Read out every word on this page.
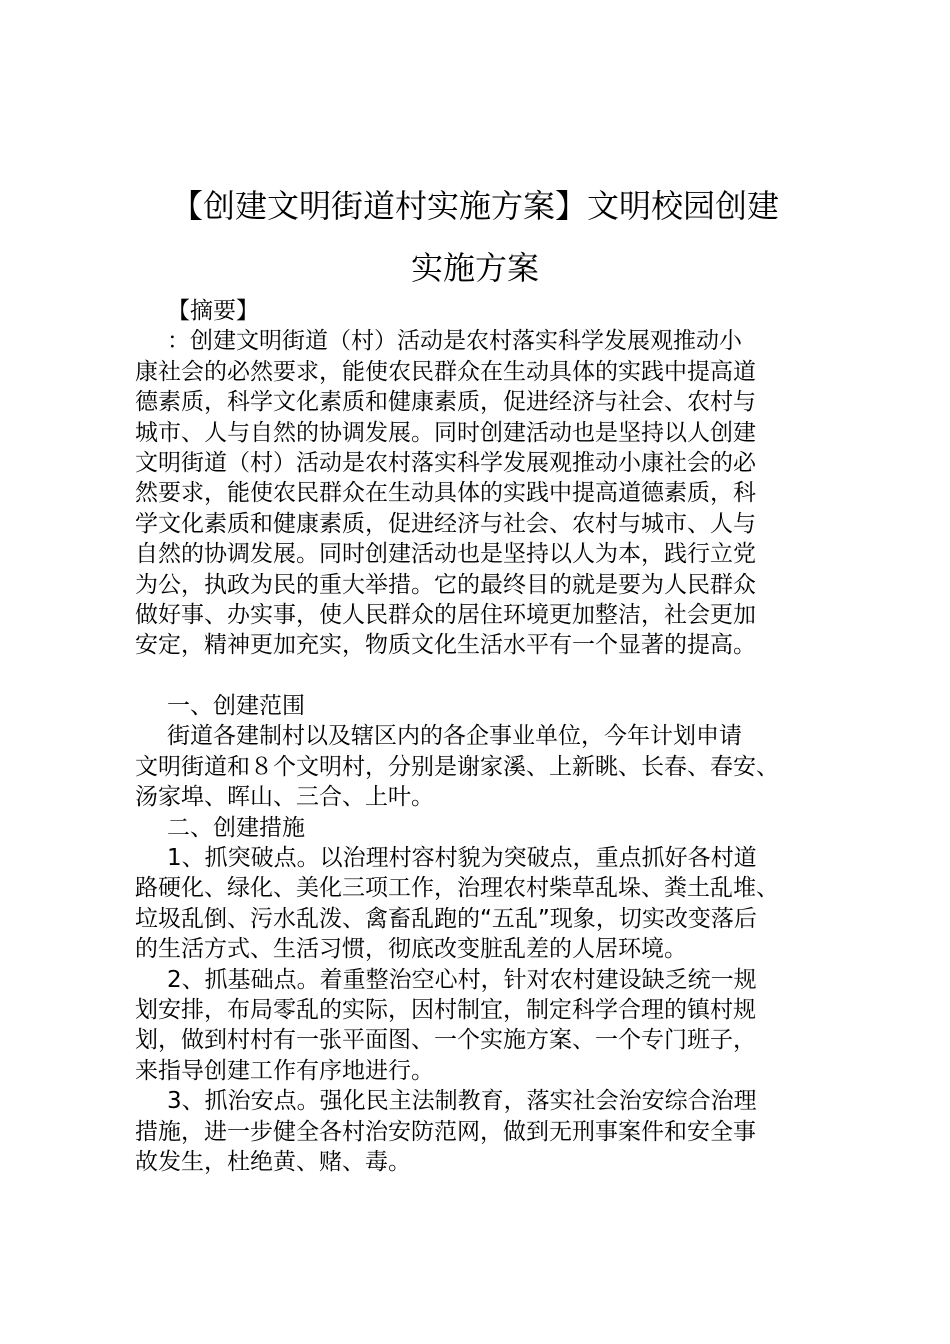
【创建文明街道村实施方案】文明校园创建
实施方案
【摘要】
：创建文明街道（村）活动是农村落实科学发展观推动小
康社会的必然要求，能使农民群众在生动具体的实践中提高道
德素质，科学文化素质和健康素质，促进经济与社会、农村与
城市、人与自然的协调发展。同时创建活动也是坚持以人创建
文明街道（村）活动是农村落实科学发展观推动小康社会的必
然要求，能使农民群众在生动具体的实践中提高道德素质，科
学文化素质和健康素质，促进经济与社会、农村与城市、人与
自然的协调发展。同时创建活动也是坚持以人为本，践行立党
为公，执政为民的重大举措。它的最终目的就是要为人民群众
做好事、办实事，使人民群众的居住环境更加整洁，社会更加
安定，精神更加充实，物质文化生活水平有一个显著的提高。
一、创建范围
街道各建制村以及辖区内的各企事业单位，今年计划申请
文明街道和８个文明村，分别是谢家溪、上新眺、长春、春安、
汤家埠、晖山、三合、上叶。
二、创建措施
1、抓突破点。以治理村容村貌为突破点，重点抓好各村道
路硬化、绿化、美化三项工作，治理农村柴草乱垛、粪土乱堆、
垃圾乱倒、污水乱泼、禽畜乱跑的“五乱”现象，切实改变落后
的生活方式、生活习惯，彻底改变脏乱差的人居环境。
2、抓基础点。着重整治空心村，针对农村建设缺乏统一规
划安排，布局零乱的实际，因村制宜，制定科学合理的镇村规
划，做到村村有一张平面图、一个实施方案、一个专门班子，
来指导创建工作有序地进行。
3、抓治安点。强化民主法制教育，落实社会治安综合治理
措施，进一步健全各村治安防范网，做到无刑事案件和安全事
故发生，杜绝黄、赌、毒。
